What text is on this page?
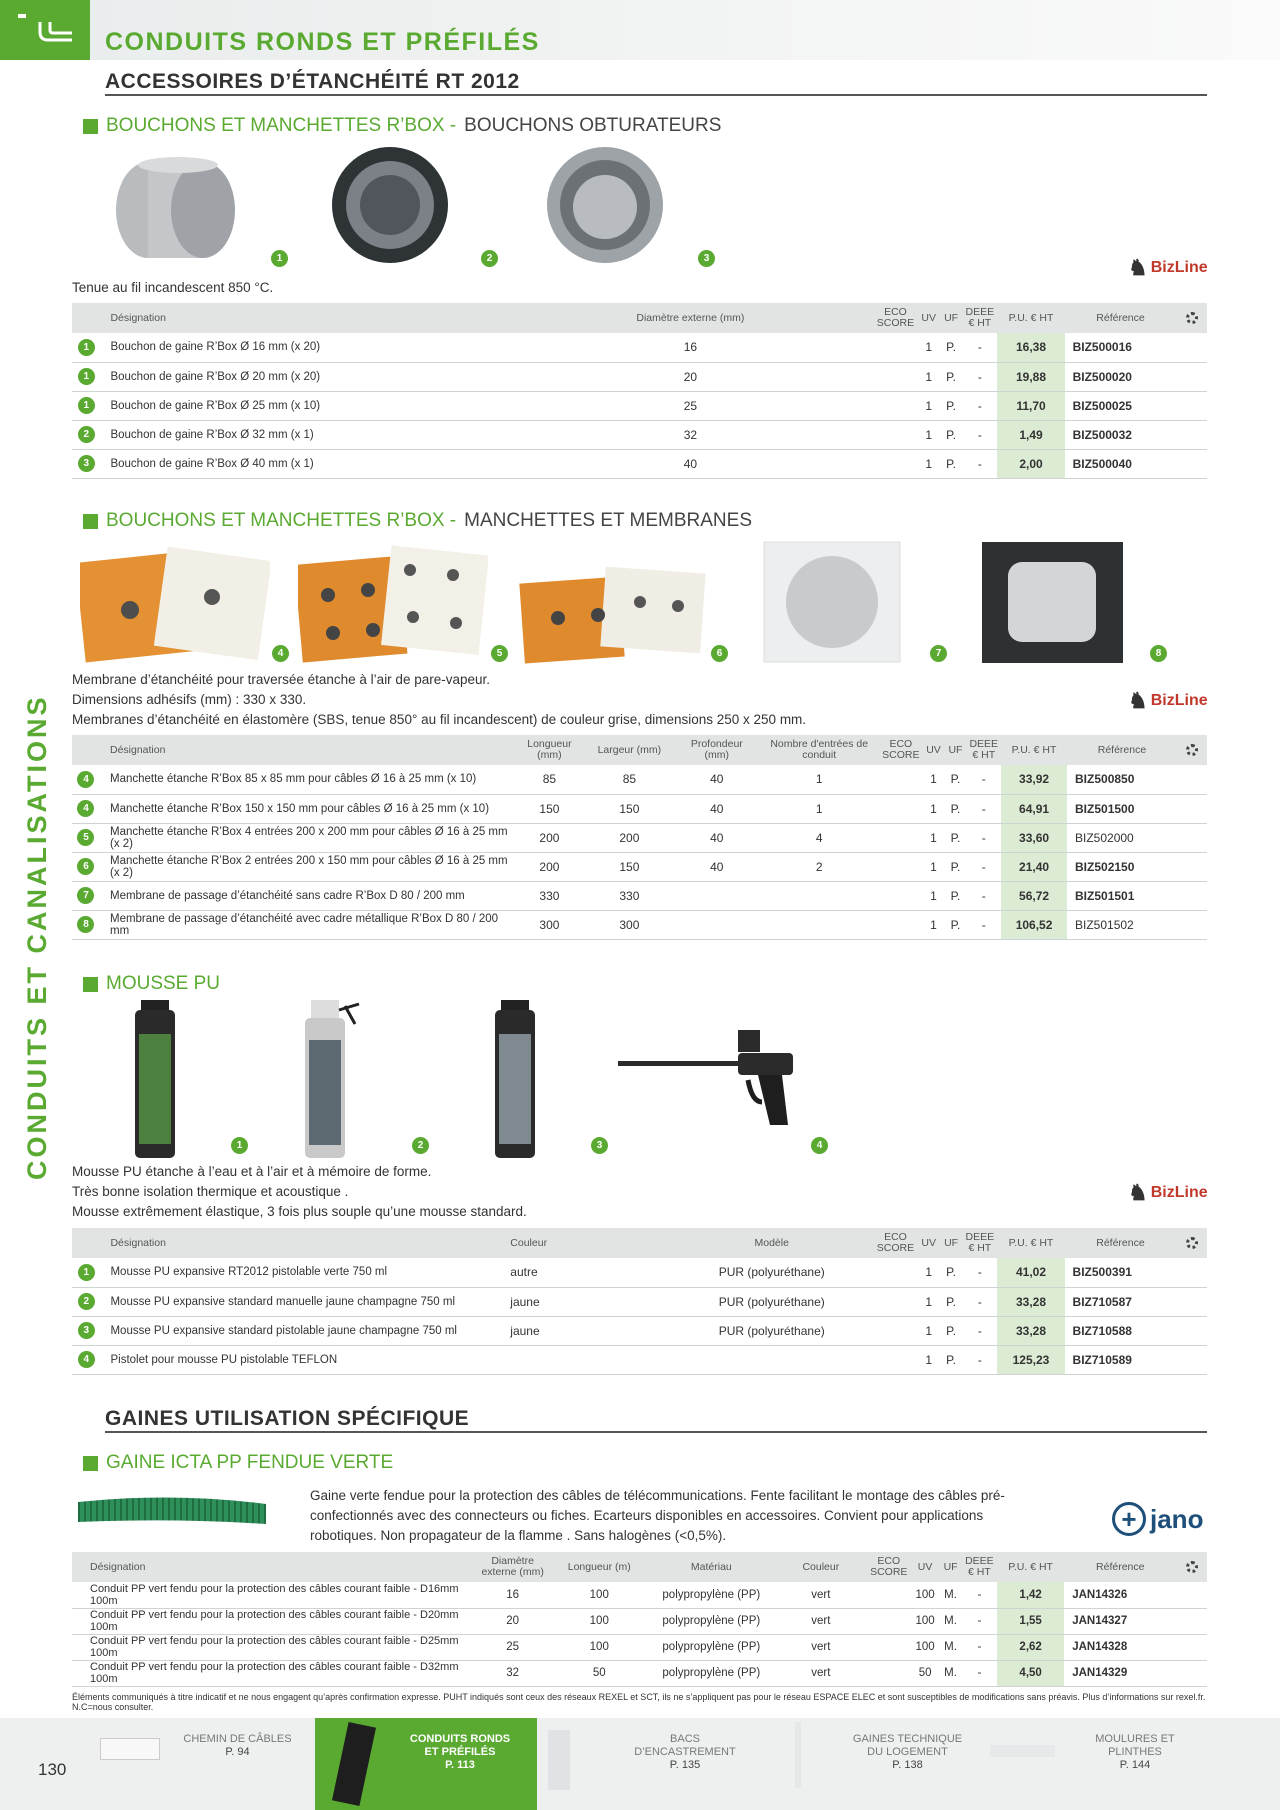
CONDUITS RONDS ET PRÉFILÉS
CONDUITS ET CANALISATIONS
ACCESSOIRES D’ÉTANCHÉITÉ RT 2012
BOUCHONS ET MANCHETTES R’BOX - BOUCHONS OBTURATEURS
1	2	3
Tenue au fil incandescent 850 °C.
♞ BizLine
	Désignation	Diamètre externe (mm)	ECO SCORE	UV	UF	DEEE € HT	P.U. € HT	Référence	

1	Bouchon de gaine R’Box Ø 16 mm (x 20)	16		1	P.	-	16,38	BIZ500016	

1	Bouchon de gaine R’Box Ø 20 mm (x 20)	20		1	P.	-	19,88	BIZ500020	

1	Bouchon de gaine R’Box Ø 25 mm (x 10)	25		1	P.	-	11,70	BIZ500025	

2	Bouchon de gaine R’Box Ø 32 mm (x 1)	32		1	P.	-	1,49	BIZ500032	

3	Bouchon de gaine R’Box Ø 40 mm (x 1)	40		1	P.	-	2,00	BIZ500040	
BOUCHONS ET MANCHETTES R’BOX - MANCHETTES ET MEMBRANES
4	5	6	7	8
Membrane d’étanchéité pour traversée étanche à l’air de pare-vapeur.
Dimensions adhésifs (mm) : 330 x 330.
Membranes d’étanchéité en élastomère (SBS, tenue 850° au fil incandescent) de couleur grise, dimensions 250 x 250 mm.
♞ BizLine
	Désignation	Longueur (mm)	Largeur (mm)	Profondeur (mm)	Nombre d'entrées de conduit	ECO SCORE	UV	UF	DEEE € HT	P.U. € HT	Référence	

4	Manchette étanche R’Box 85 x 85 mm pour câbles Ø 16 à 25 mm (x 10)	85	85	40	1		1	P.	-	33,92	BIZ500850	

4	Manchette étanche R’Box 150 x 150 mm pour câbles Ø 16 à 25 mm (x 10)	150	150	40	1		1	P.	-	64,91	BIZ501500	

5	Manchette étanche R’Box 4 entrées 200 x 200 mm pour câbles Ø 16 à 25 mm (x 2)	200	200	40	4		1	P.	-	33,60	BIZ502000	

6	Manchette étanche R’Box 2 entrées 200 x 150 mm pour câbles Ø 16 à 25 mm (x 2)	200	150	40	2		1	P.	-	21,40	BIZ502150	

7	Membrane de passage d’étanchéité sans cadre R’Box D 80 / 200 mm	330	330				1	P.	-	56,72	BIZ501501	

8	Membrane de passage d’étanchéité avec cadre métallique R’Box D 80 / 200 mm	300	300				1	P.	-	106,52	BIZ501502	
MOUSSE PU
1	2	3	4
Mousse PU étanche à l’eau et à l’air et à mémoire de forme.
Très bonne isolation thermique et acoustique .
Mousse extrêmement élastique, 3 fois plus souple qu’une mousse standard.
♞ BizLine
	Désignation	Couleur	Modèle	ECO SCORE	UV	UF	DEEE € HT	P.U. € HT	Référence	

1	Mousse PU expansive RT2012 pistolable verte 750 ml	autre	PUR (polyuréthane)		1	P.	-	41,02	BIZ500391	

2	Mousse PU expansive standard manuelle jaune champagne 750 ml	jaune	PUR (polyuréthane)		1	P.	-	33,28	BIZ710587	

3	Mousse PU expansive standard pistolable jaune champagne 750 ml	jaune	PUR (polyuréthane)		1	P.	-	33,28	BIZ710588	

4	Pistolet pour mousse PU pistolable TEFLON				1	P.	-	125,23	BIZ710589	
GAINES UTILISATION SPÉCIFIQUE
GAINE ICTA PP FENDUE VERTE
Gaine verte fendue pour la protection des câbles de télécommunications. Fente facilitant le montage des câbles pré-confectionnés avec des connecteurs ou fiches. Ecarteurs disponibles en accessoires. Convient pour applications robotiques. Non propagateur de la flamme . Sans halogènes (<0,5%).
+ jano
Désignation	Diamètre externe (mm)	Longueur (m)	Matériau	Couleur	ECO SCORE	UV	UF	DEEE € HT	P.U. € HT	Référence	

Conduit PP vert fendu pour la protection des câbles courant faible - D16mm 100m	16	100	polypropylène (PP)	vert		100	M.	-	1,42	JAN14326	
Conduit PP vert fendu pour la protection des câbles courant faible - D20mm 100m	20	100	polypropylène (PP)	vert		100	M.	-	1,55	JAN14327	
Conduit PP vert fendu pour la protection des câbles courant faible - D25mm 100m	25	100	polypropylène (PP)	vert		100	M.	-	2,62	JAN14328	
Conduit PP vert fendu pour la protection des câbles courant faible - D32mm 100m	32	50	polypropylène (PP)	vert		50	M.	-	4,50	JAN14329	
Éléments communiqués à titre indicatif et ne nous engagent qu’après confirmation expresse. PUHT indiqués sont ceux des réseaux REXEL et SCT, ils ne s’appliquent pas pour le réseau ESPACE ELEC et sont susceptibles de modifications sans préavis. Plus d’informations sur rexel.fr. N.C=nous consulter.
130
CHEMIN DE CÂBLES
P. 94
CONDUITS RONDS ET PRÉFILÉS
P. 113
BACS D’ENCASTREMENT
P. 135
GAINES TECHNIQUE DU LOGEMENT
P. 138
MOULURES ET PLINTHES
P. 144
